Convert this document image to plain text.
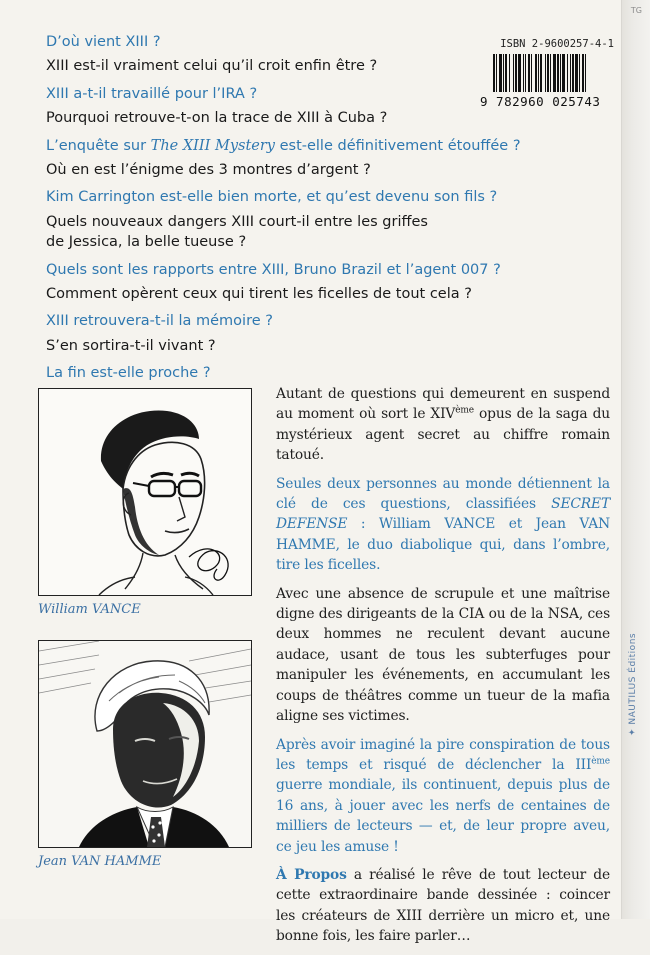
D’où vient XIII ?

XIII est-il vraiment celui qu’il croit enfin être ?

XIII a-t-il travaillé pour l’IRA ?

Pourquoi retrouve-t-on la trace de XIII à Cuba ?

L’enquête sur The XIII Mystery est-elle définitivement étouffée ?

Où en est l’énigme des 3 montres d’argent ?

Kim Carrington est-elle bien morte, et qu’est devenu son fils ?

Quels nouveaux dangers XIII court-il entre les griffes

de Jessica, la belle tueuse ?

Quels sont les rapports entre XIII, Bruno Brazil et l’agent 007 ?

Comment opèrent ceux qui tirent les ficelles de tout cela ?

XIII retrouvera-t-il la mémoire ?

S’en sortira-t-il vivant ?

La fin est-elle proche ?

ISBN 2-9600257-4-1
9 782960 025743
William VANCE
Jean VAN HAMME

Autant de questions qui demeurent en suspend au moment où sort le XIVème opus de la saga du mystérieux agent secret au chiffre romain tatoué.

Seules deux personnes au monde détiennent la clé de ces questions, classifiées SECRET DEFENSE : William VANCE et Jean VAN HAMME, le duo diabolique qui, dans l’ombre, tire les ficelles.

Avec une absence de scrupule et une maîtrise digne des dirigeants de la CIA ou de la NSA, ces deux hommes ne reculent devant aucune audace, usant de tous les subterfuges pour manipuler les événements, en accumulant les coups de théâtres comme un tueur de la mafia aligne ses victimes.

Après avoir imaginé la pire conspiration de tous les temps et risqué de déclencher la IIIème guerre mondiale, ils continuent, depuis plus de 16 ans, à jouer avec les nerfs de centaines de milliers de lecteurs — et, de leur propre aveu, ce jeu les amuse !

À Propos a réalisé le rêve de tout lecteur de cette extraordinaire bande dessinée : coincer les créateurs de XIII derrière un micro et, une bonne fois, les faire parler…

TG
✦ NAUTILUS Éditions
